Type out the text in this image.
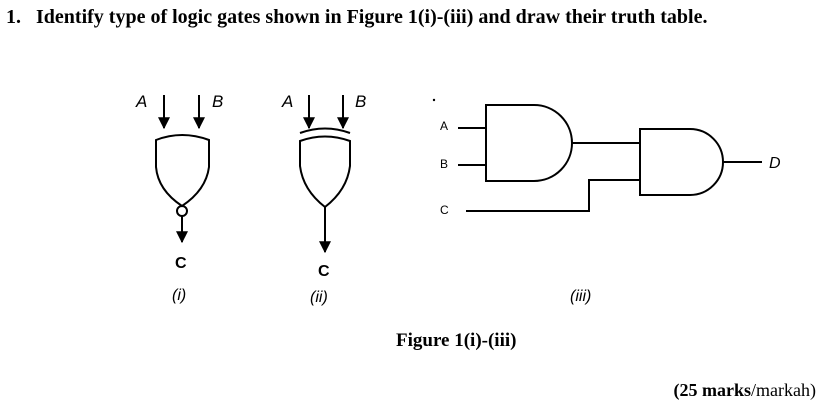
1. Identify type of logic gates shown in Figure 1(i)-(iii) and draw their truth table.
A	B
C
(i)
A	B
C
(ii)
A
B
C
D
(iii)
Figure 1(i)-(iii)
(25 marks/markah)
